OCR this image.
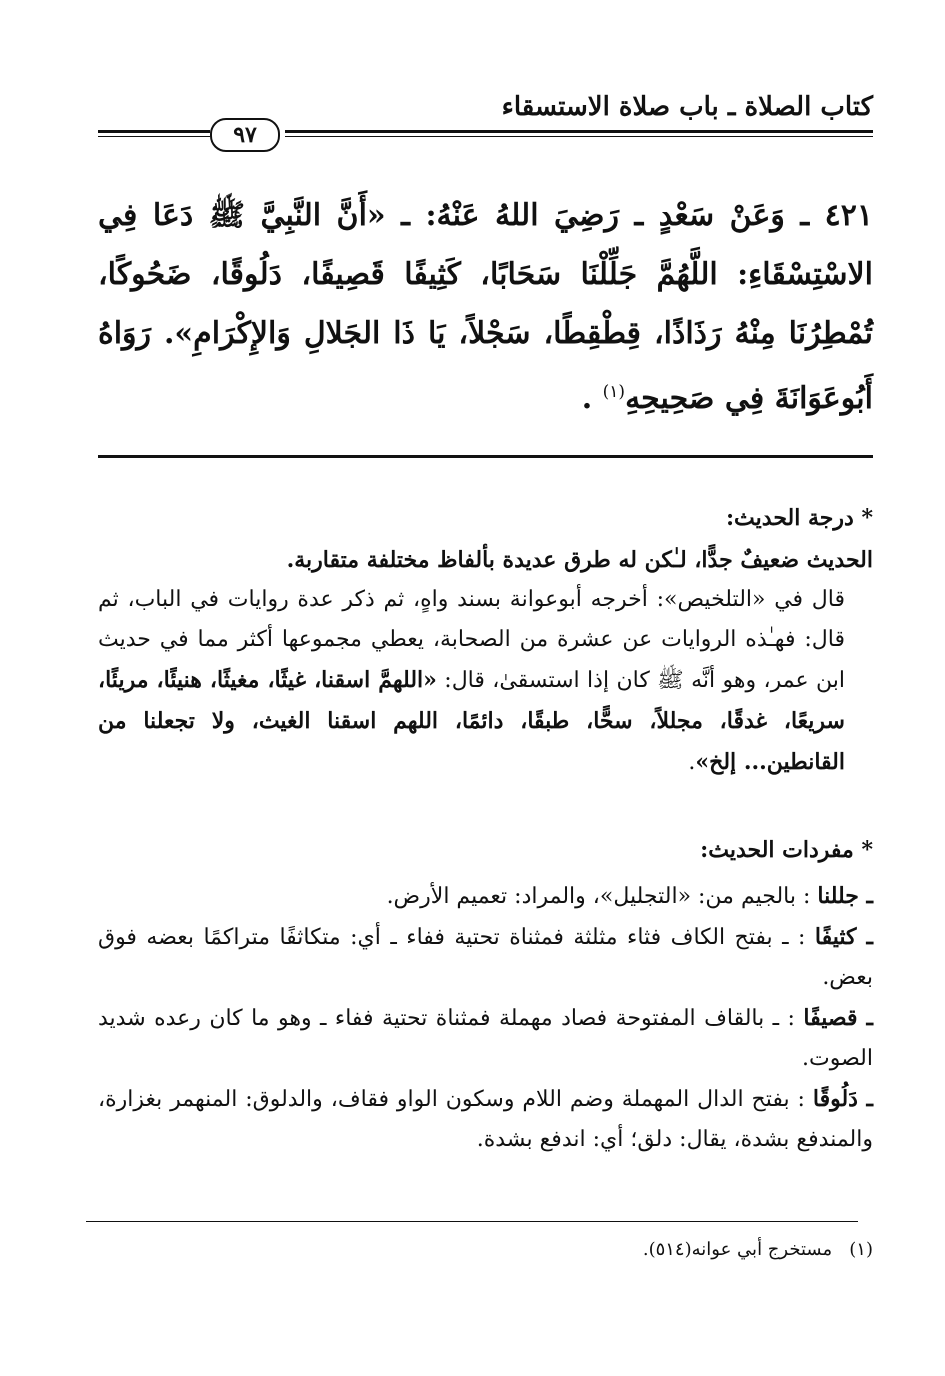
كتاب الصلاة ـ باب صلاة الاستسقاء
٩٧
٤٢١ ـ وَعَنْ سَعْدٍ ـ رَضِيَ اللهُ عَنْهُ: ـ «أَنَّ النَّبِيَّ ﷺ دَعَا فِي الاسْتِسْقَاءِ: اللَّهُمَّ جَلِّلْنَا سَحَابًا، كَثِيفًا قَصِيفًا، دَلُوقًا، ضَحُوكًا، تُمْطِرُنَا مِنْهُ رَذَاذًا، قِطْقِطًا، سَجْلاً، يَا ذَا الجَلالِ وَالإِكْرَامِ». رَوَاهُ أَبُوعَوَانَةَ فِي صَحِيحِهِ$^{(١)}$ .
* درجة الحديث:
الحديث ضعيفٌ جدًّا، لـٰكن له طرق عديدة بألفاظ مختلفة متقاربة.
قال في «التلخيص»: أخرجه أبوعوانة بسند واهٍ، ثم ذكر عدة روايات في الباب، ثم قال: فهـٰذه الروايات عن عشرة من الصحابة، يعطي مجموعها أكثر مما في حديث ابن عمر، وهو أنَّه ﷺ كان إذا استسقىٰ، قال: «اللهمَّ اسقنا، غيثًا، مغيثًا، هنيئًا، مريئًا، سريعًا، غدقًا، مجللاً، سحًّا، طبقًا، دائمًا، اللهم اسقنا الغيث، ولا تجعلنا من القانطين... إلخ».
* مفردات الحديث:
ـ جللنا : بالجيم من: «التجليل»، والمراد: تعميم الأرض.
ـ كثيفًا : ـ بفتح الكاف فثاء مثلثة فمثناة تحتية ففاء ـ أي: متكاثفًا متراكمًا بعضه فوق بعض.
ـ قصيفًا : ـ بالقاف المفتوحة فصاد مهملة فمثناة تحتية ففاء ـ وهو ما كان رعده شديد الصوت.
ـ دَلُوقًا : بفتح الدال المهملة وضم اللام وسكون الواو فقاف، والدلوق: المنهمر بغزارة، والمندفع بشدة، يقال: دلق؛ أي: اندفع بشدة.
(١)   مستخرج أبي عوانه(٥١٤).
